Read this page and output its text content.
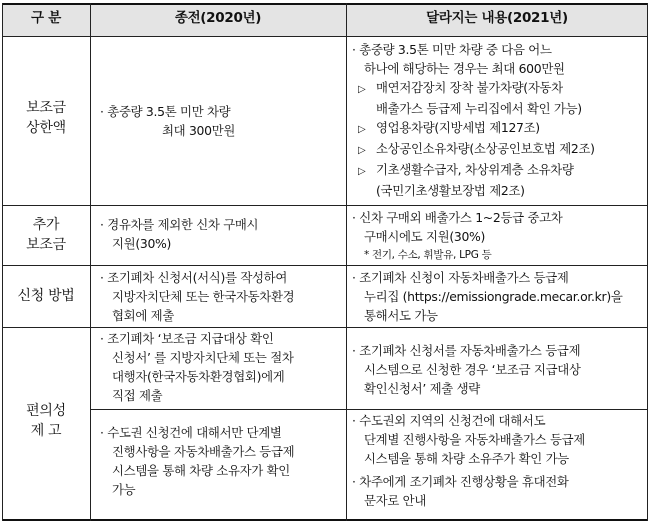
구 분	종전(2020년)	달라지는 내용(2021년)
보조금
상한액
· 총중량 3.5톤 미만 차량
최대 300만원
· 총중량 3.5톤 미만 차량 중 다음 어느
하나에 해당하는 경우는 최대 600만원
▷ 매연저감장치 장착 불가차량(자동차
배출가스 등급제 누리집에서 확인 가능)
▷ 영업용차량(지방세법 제127조)
▷ 소상공인소유차량(소상공인보호법 제2조)
▷ 기초생활수급자, 차상위계층 소유차량
(국민기초생활보장법 제2조)
추가
보조금
· 경유차를 제외한 신차 구매시
지원(30%)
· 신차 구매외 배출가스 1~2등급 중고차
구매시에도 지원(30%)
* 전기, 수소, 휘발유, LPG 등
신청 방법
· 조기폐차 신청서(서식)를 작성하여
지방자치단체 또는 한국자동차환경
협회에 제출
· 조기폐차 신청이 자동차배출가스 등급제
누리집 (https://emissiongrade.mecar.or.kr)을
통해서도 가능
편의성
제 고
· 조기폐차 ‘보조금 지급대상 확인
신청서’ 를 지방자치단체 또는 절차
대행자(한국자동차환경협회)에게
직접 제출
· 조기폐차 신청서를 자동차배출가스 등급제
시스템으로 신청한 경우 ‘보조금 지급대상
확인신청서’ 제출 생략
· 수도권 신청건에 대해서만 단계별
진행사항을 자동차배출가스 등급제
시스템을 통해 차량 소유자가 확인
가능
· 수도권외 지역의 신청건에 대해서도
단계별 진행사항을 자동차배출가스 등급제
시스템을 통해 차량 소유주가 확인 가능
· 차주에게 조기폐차 진행상황을 휴대전화
문자로 안내
